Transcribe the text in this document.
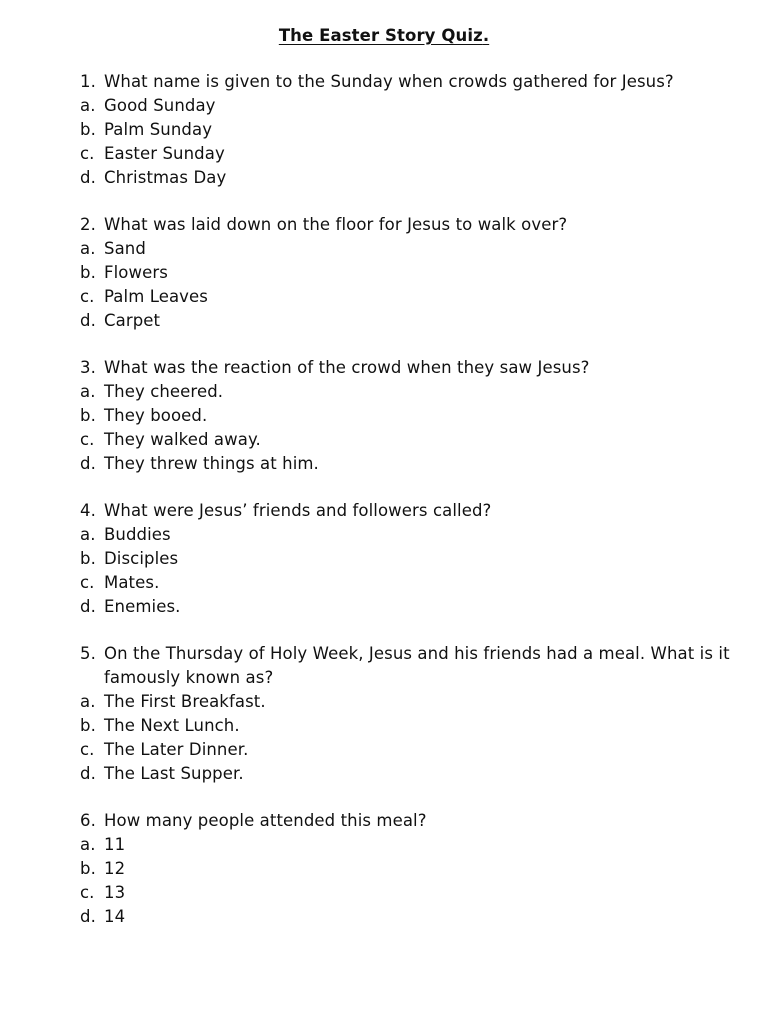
The Easter Story Quiz.
1. What name is given to the Sunday when crowds gathered for Jesus?
a. Good Sunday
b. Palm Sunday
c. Easter Sunday
d. Christmas Day
2. What was laid down on the floor for Jesus to walk over?
a. Sand
b. Flowers
c. Palm Leaves
d. Carpet
3. What was the reaction of the crowd when they saw Jesus?
a. They cheered.
b. They booed.
c. They walked away.
d. They threw things at him.
4. What were Jesus’ friends and followers called?
a. Buddies
b. Disciples
c. Mates.
d. Enemies.
5. On the Thursday of Holy Week, Jesus and his friends had a meal. What is it famously known as?
a. The First Breakfast.
b. The Next Lunch.
c. The Later Dinner.
d. The Last Supper.
6. How many people attended this meal?
a. 11
b. 12
c. 13
d. 14
